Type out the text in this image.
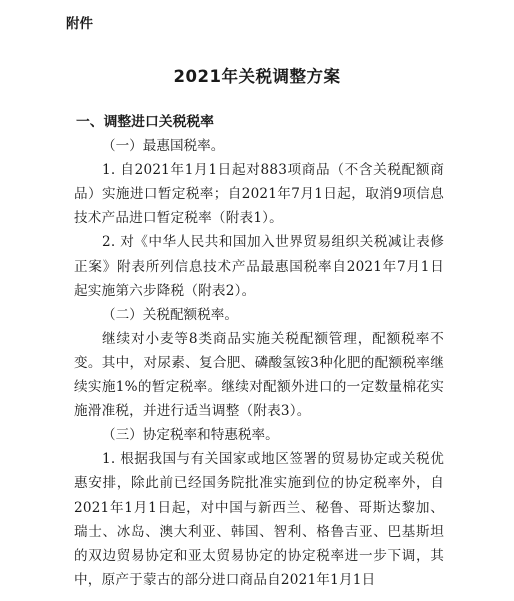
附件
2021年关税调整方案
一、调整进口关税税率
（一）最惠国税率。
1. 自2021年1月1日起对883项商品（不含关税配额商品）实施进口暂定税率；自2021年7月1日起，取消9项信息技术产品进口暂定税率（附表1）。
2. 对《中华人民共和国加入世界贸易组织关税减让表修正案》附表所列信息技术产品最惠国税率自2021年7月1日起实施第六步降税（附表2）。
（二）关税配额税率。
继续对小麦等8类商品实施关税配额管理，配额税率不变。其中，对尿素、复合肥、磷酸氢铵3种化肥的配额税率继续实施1%的暂定税率。继续对配额外进口的一定数量棉花实施滑准税，并进行适当调整（附表3）。
（三）协定税率和特惠税率。
1. 根据我国与有关国家或地区签署的贸易协定或关税优惠安排，除此前已经国务院批准实施到位的协定税率外，自2021年1月1日起，对中国与新西兰、秘鲁、哥斯达黎加、瑞士、冰岛、澳大利亚、韩国、智利、格鲁吉亚、巴基斯坦的双边贸易协定和亚太贸易协定的协定税率进一步下调，其中，原产于蒙古的部分进口商品自2021年1月1日
